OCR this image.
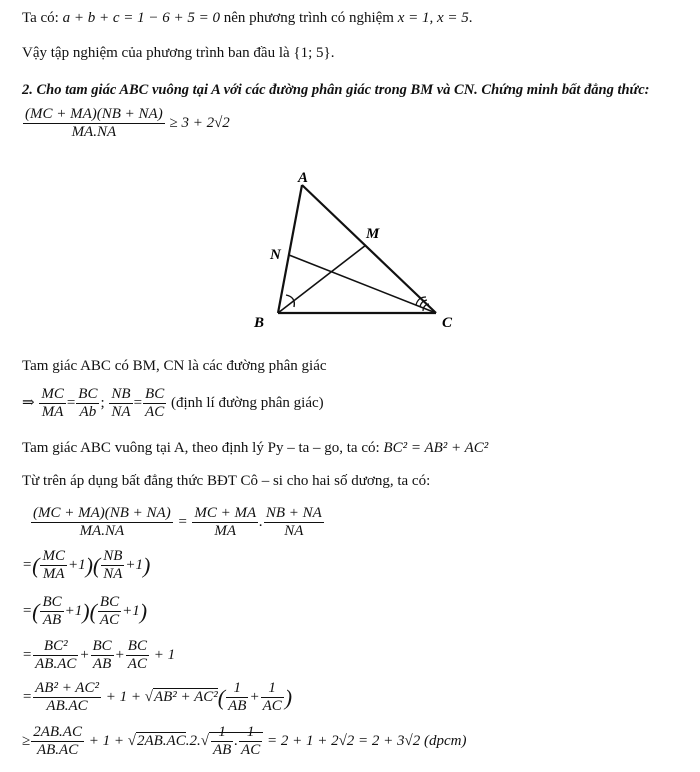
Ta có: a + b + c = 1 − 6 + 5 = 0 nên phương trình có nghiệm x = 1, x = 5.
Vậy tập nghiệm của phương trình ban đầu là {1; 5}.
2. Cho tam giác ABC vuông tại A với các đường phân giác trong BM và CN. Chứng minh bất đẳng thức:
$\frac{(MC + MA)(NB + NA)}{MA.NA} \ge 3 + 2√2$
A
B	C
M
N
Tam giác ABC có BM, CN là các đường phân giác
⇒ $\frac{MC}{MA} = \frac{BC}{Ab}$ ; $\frac{NB}{NA} = \frac{BC}{AC}$ (định lí đường phân giác)
Tam giác ABC vuông tại A, theo định lý Py – ta – go, ta có: BC² = AB² + AC²
Từ trên áp dụng bất đẳng thức BĐT Cô – si cho hai số dương, ta có:
$\frac{(MC + MA)(NB + NA)}{MA.NA} = \frac{MC + MA}{MA}$ . $\frac{NB + NA}{NA}$
=( $\frac{MC}{MA} +1)( \frac{NB}{NA} +1)$
=( $\frac{BC}{AB} +1)( \frac{BC}{AC} +1)$
= $\frac{\text{BC²}}{AB.AC} + \frac{BC}{AB} + \frac{BC}{AC} + 1$
= $\frac{\text{AB² + AC²}}{AB.AC} + 1 + √AB^2 + AC^2( \frac{1}{AB} + \frac{1}{AC}$ )
≥ $\frac{2AB.AC}{AB.AC} + 1 + √2AB.AC.2.√ \frac{1}{AB}$ . $\frac{1}{AC} = 2 + 1 + 2√2 = 2 + 3√2$ (dpcm)
